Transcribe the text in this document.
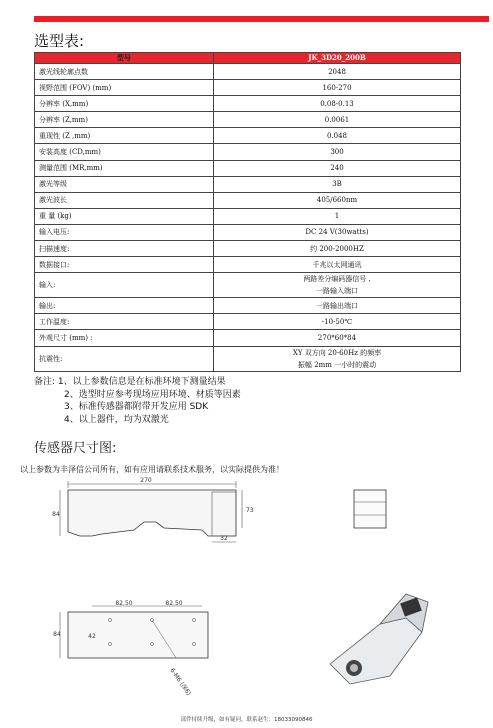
选型表:
型号	JK_3D20_200B
激光线轮廓点数	2048
视野范围 (FOV) (mm)	160-270
分辨率 (X,mm)	0.08-0.13
分辨率 (Z,mm)	0.0061
重现性 (Z ,mm)	0.048
安装高度 (CD,mm)	300
测量范围 (MR,mm)	240
激光等级	3B
激光波长	405/660nm
重 量 (kg)	1
输入电压:	DC 24 V(30watts)
扫描速度:	约 200-2000HZ
数据接口:	千兆以太网通讯
输入:	两路差分编码器信号 ,
一路输入端口

输出:	一路输出端口
工作温度:	-10-50℃
外观尺寸 (mm) :	270*60*84
抗震性:	XY 双方向 20-60Hz 的频率
振幅 2mm 一小时的震动
备注: 1、以上参数信息是在标准环境下测量结果
2、选型时应参考现场应用环境、材质等因素
3、标准传感器都附带开发应用 SDK
4、以上器件，均为双激光
传感器尺寸图:
以上参数为丰泽信公司所有，如有应用请联系技术服务，以实际提供为准！
270
84
73
32
82.50	82.50
84	42
6-M6 (深6)
部件持续升级，如有疑问，联系赵生：18033090846
